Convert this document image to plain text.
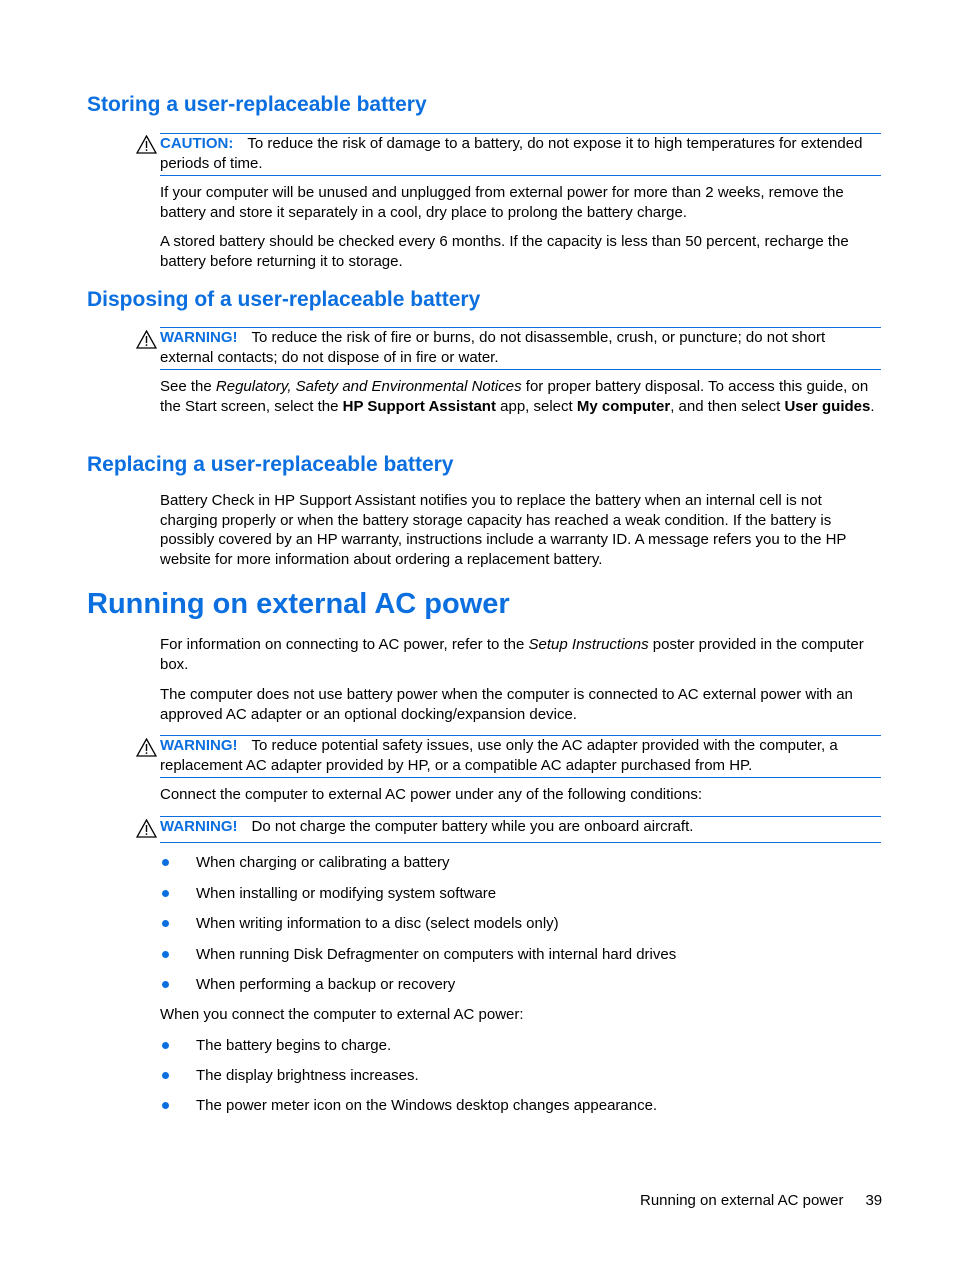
Storing a user-replaceable battery
CAUTION: To reduce the risk of damage to a battery, do not expose it to high temperatures for extended periods of time.

If your computer will be unused and unplugged from external power for more than 2 weeks, remove the battery and store it separately in a cool, dry place to prolong the battery charge.

A stored battery should be checked every 6 months. If the capacity is less than 50 percent, recharge the battery before returning it to storage.

Disposing of a user-replaceable battery
WARNING! To reduce the risk of fire or burns, do not disassemble, crush, or puncture; do not short external contacts; do not dispose of in fire or water.

See the Regulatory, Safety and Environmental Notices for proper battery disposal. To access this guide, on the Start screen, select the HP Support Assistant app, select My computer, and then select User guides.

Replacing a user-replaceable battery

Battery Check in HP Support Assistant notifies you to replace the battery when an internal cell is not charging properly or when the battery storage capacity has reached a weak condition. If the battery is possibly covered by an HP warranty, instructions include a warranty ID. A message refers you to the HP website for more information about ordering a replacement battery.

Running on external AC power

For information on connecting to AC power, refer to the Setup Instructions poster provided in the computer box.

The computer does not use battery power when the computer is connected to AC external power with an approved AC adapter or an optional docking/expansion device.

WARNING! To reduce potential safety issues, use only the AC adapter provided with the computer, a replacement AC adapter provided by HP, or a compatible AC adapter purchased from HP.

Connect the computer to external AC power under any of the following conditions:

WARNING! Do not charge the computer battery while you are onboard aircraft.
When charging or calibrating a battery
When installing or modifying system software
When writing information to a disc (select models only)
When running Disk Defragmenter on computers with internal hard drives
When performing a backup or recovery

When you connect the computer to external AC power:

The battery begins to charge.
The display brightness increases.
The power meter icon on the Windows desktop changes appearance.
Running on external AC power 39
